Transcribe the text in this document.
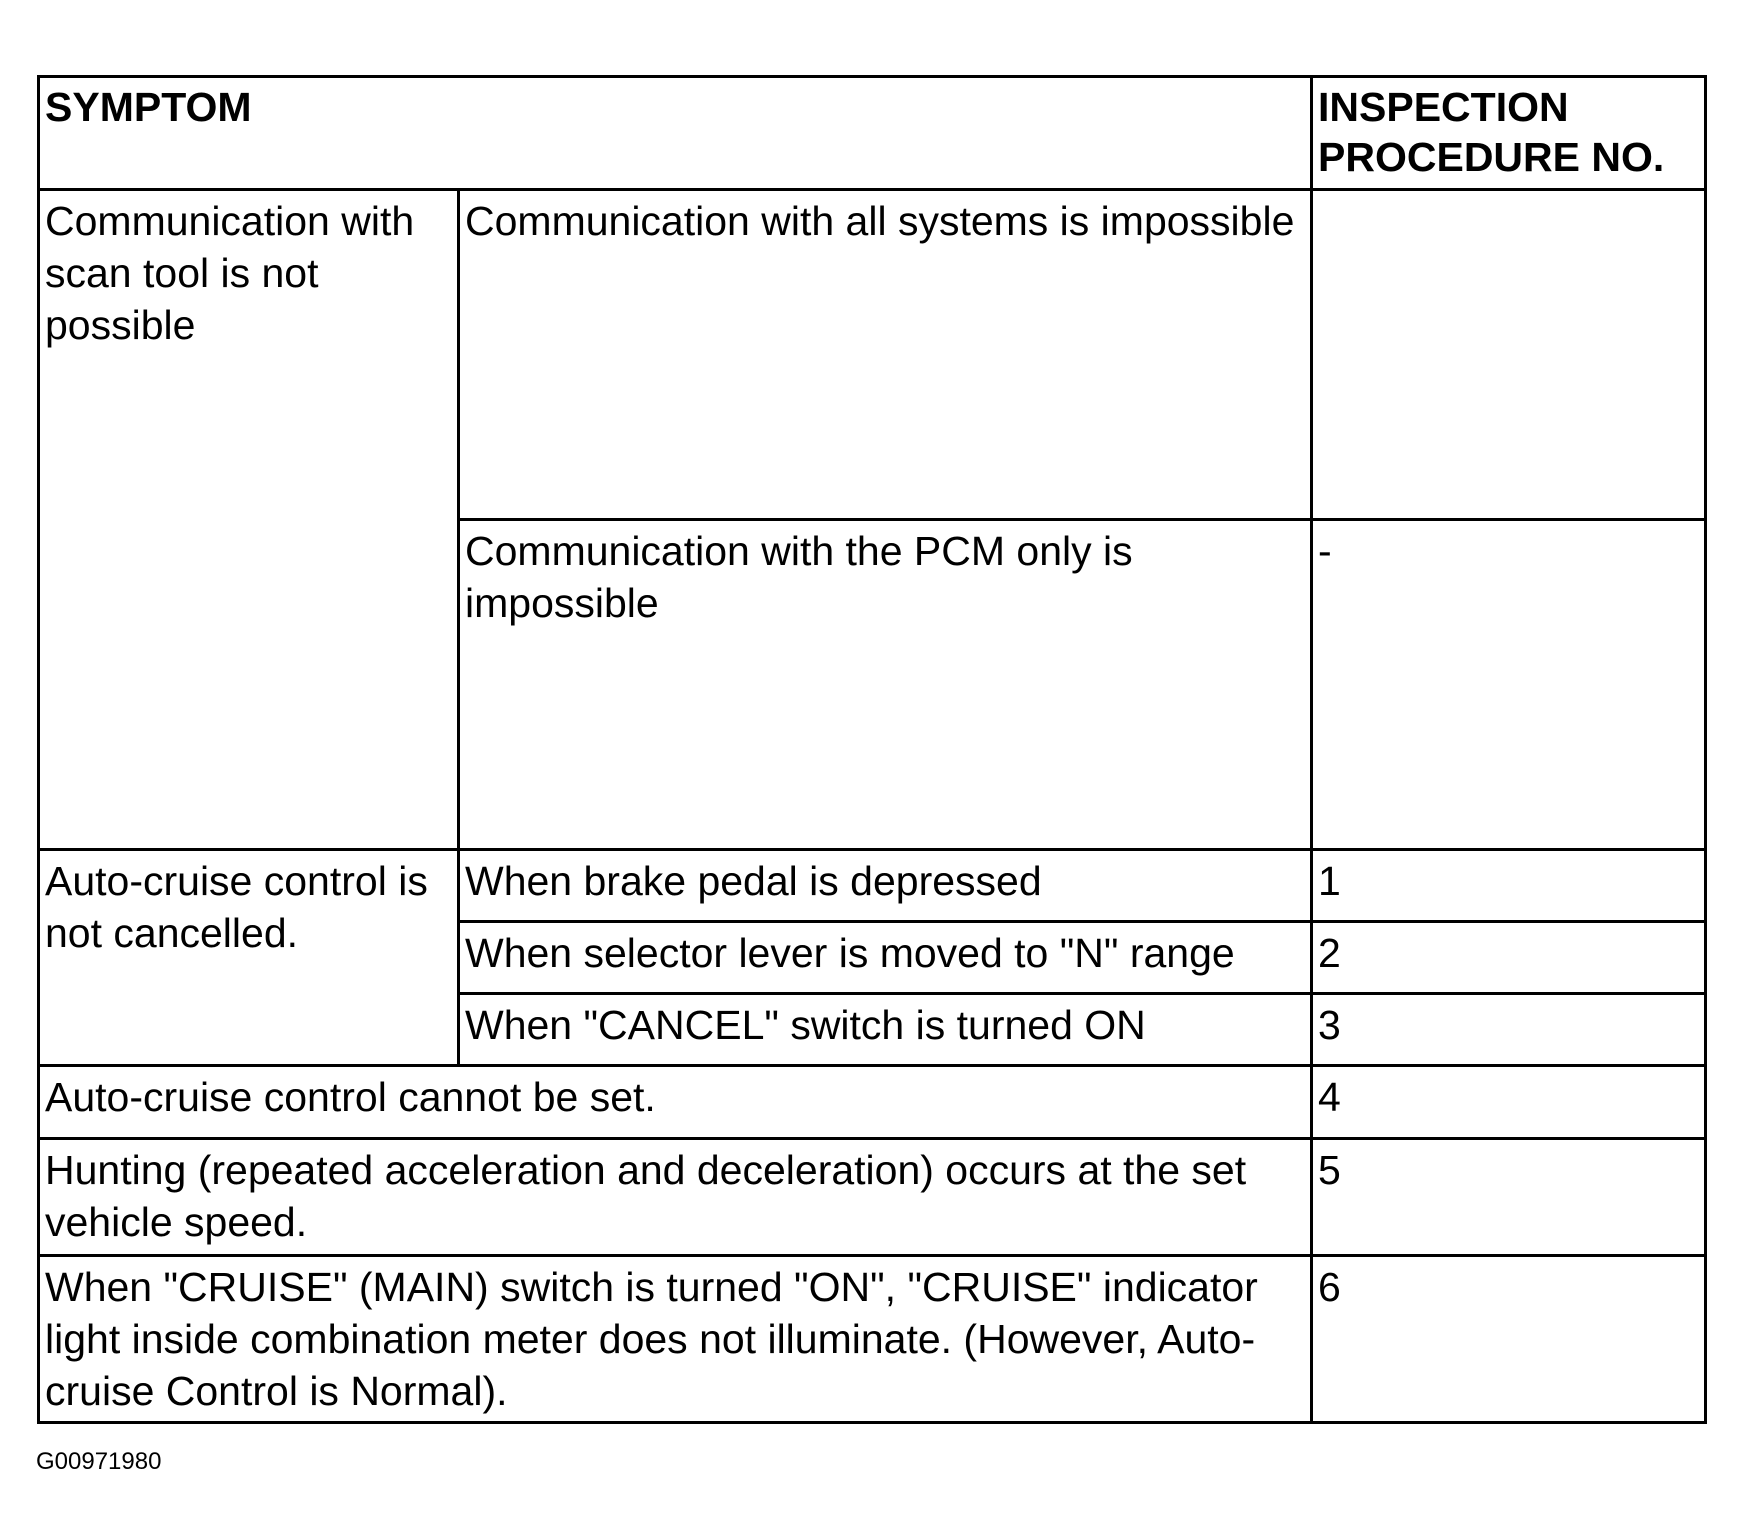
SYMPTOM		INSPECTION
PROCEDURE NO.

Communication with scan tool is not possible	Communication with all systems is impossible	
	Communication with the PCM only is impossible	-
Auto-cruise control is not cancelled.	When brake pedal is depressed	1
	When selector lever is moved to "N" range	2
	When "CANCEL" switch is turned ON	3
Auto-cruise control cannot be set.		4
Hunting (repeated acceleration and deceleration) occurs at the set vehicle speed.		5
When "CRUISE" (MAIN) switch is turned "ON", "CRUISE" indicator light inside combination meter does not illuminate. (However, Auto-cruise Control is Normal).		6
G00971980
